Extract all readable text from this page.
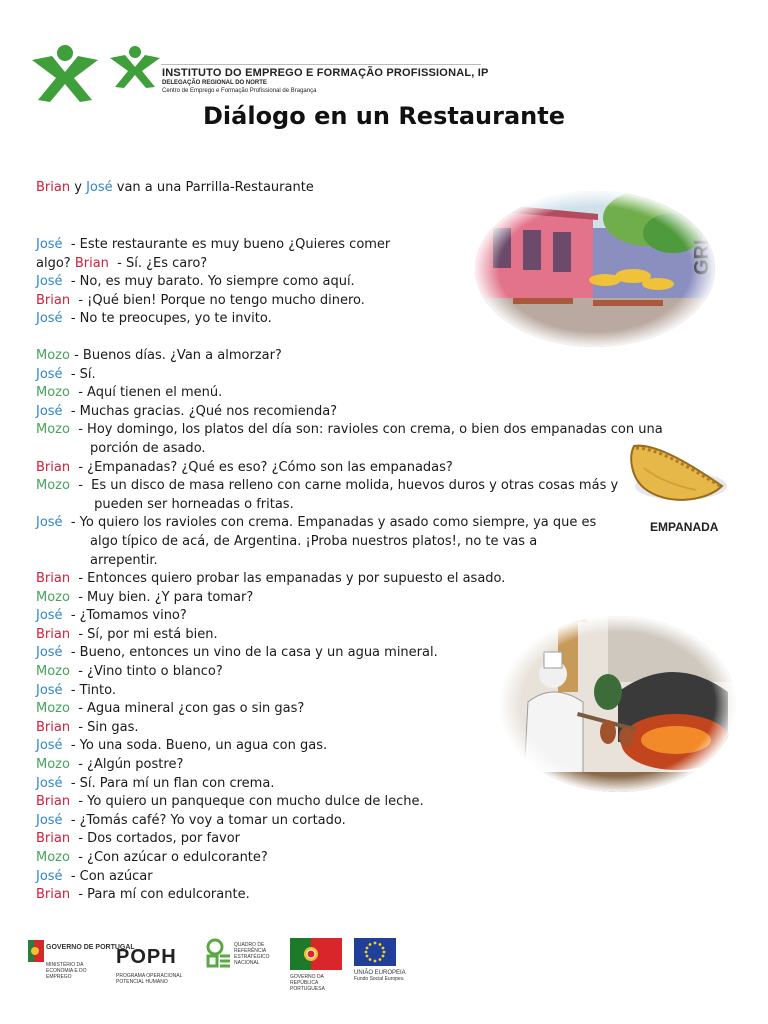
INSTITUTO DO EMPREGO E FORMAÇÃO PROFISSIONAL, IP
DELEGAÇÃO REGIONAL DO NORTE
Centro de Emprego e Formação Profissional de Bragança
Diálogo en un Restaurante
Brian y José van a una Parrilla-Restaurante
José - Este restaurante es muy bueno ¿Quieres comer
algo? Brian - Sí. ¿Es caro?
José - No, es muy barato. Yo siempre como aquí.
Brian - ¡Qué bien! Porque no tengo mucho dinero.
José - No te preocupes, yo te invito.
Mozo - Buenos días. ¿Van a almorzar?
José - Sí.
Mozo - Aquí tienen el menú.
José - Muchas gracias. ¿Qué nos recomienda?
Mozo - Hoy domingo, los platos del día son: ravioles con crema, o bien dos empanadas con una
porción de asado.
Brian - ¿Empanadas? ¿Qué es eso? ¿Cómo son las empanadas?
Mozo -  Es un disco de masa relleno con carne molida, huevos duros y otras cosas más y
pueden ser horneadas o fritas.
José - Yo quiero los ravioles con crema. Empanadas y asado como siempre, ya que es
algo típico de acá, de Argentina. ¡Proba nuestros platos!, no te vas a
arrepentir.
Brian - Entonces quiero probar las empanadas y por supuesto el asado.
Mozo - Muy bien. ¿Y para tomar?
José - ¿Tomamos vino?
Brian - Sí, por mi está bien.
José - Bueno, entonces un vino de la casa y un agua mineral.
Mozo - ¿Vino tinto o blanco?
José - Tinto.
Mozo - Agua mineral ¿con gas o sin gas?
Brian - Sin gas.
José - Yo una soda. Bueno, un agua con gas.
Mozo - ¿Algún postre?
José - Sí. Para mí un flan con crema.
Brian - Yo quiero un panqueque con mucho dulce de leche.
José - ¿Tomás café? Yo voy a tomar un cortado.
Brian - Dos cortados, por favor
Mozo - ¿Con azúcar o edulcorante?
José - Con azúcar
Brian - Para mí con edulcorante.
EMPANADA
GOVERNO DE PORTUGAL
MINISTÉRIO DA ECONOMIA E DO EMPREGO
POPH
PROGRAMA OPERACIONAL POTENCIAL HUMANO
QUADRO DE REFERÊNCIA ESTRATÉGICO NACIONAL
GOVERNO DA REPÚBLICA PORTUGUESA
UNIÃO EUROPEIA
Fundo Social Europeu
